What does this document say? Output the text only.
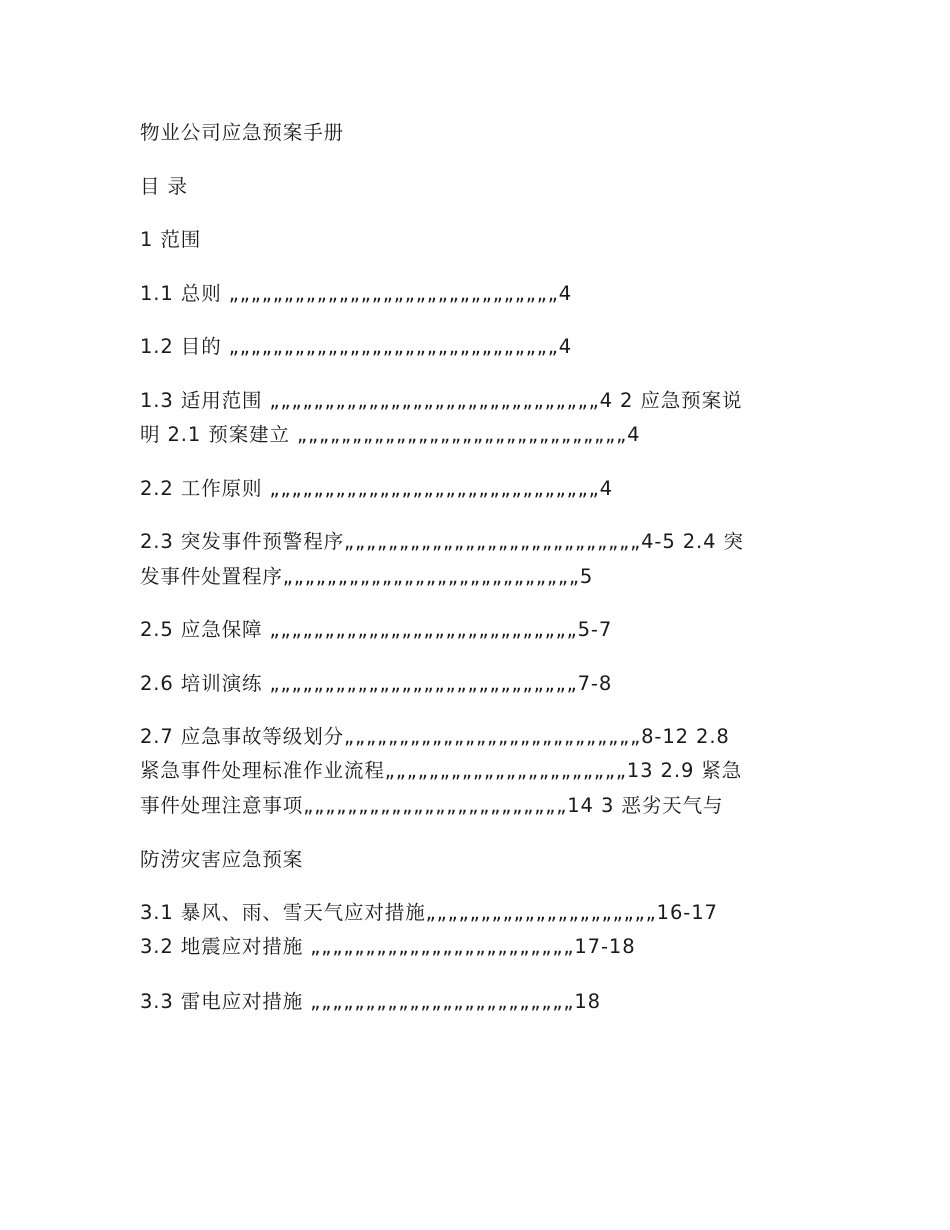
物业公司应急预案手册
目 录
1 范围
1.1 总则 „„„„„„„„„„„„„„„„„„„„„„„„„„„„„„4
1.2 目的 „„„„„„„„„„„„„„„„„„„„„„„„„„„„„„4
1.3 适用范围 „„„„„„„„„„„„„„„„„„„„„„„„„„„„„„4 2 应急预案说
明 2.1 预案建立 „„„„„„„„„„„„„„„„„„„„„„„„„„„„„„4
2.2 工作原则 „„„„„„„„„„„„„„„„„„„„„„„„„„„„„„4
2.3 突发事件预警程序„„„„„„„„„„„„„„„„„„„„„„„„„„„4-5 2.4 突
发事件处置程序„„„„„„„„„„„„„„„„„„„„„„„„„„„5
2.5 应急保障 „„„„„„„„„„„„„„„„„„„„„„„„„„„„5-7
2.6 培训演练 „„„„„„„„„„„„„„„„„„„„„„„„„„„„7-8
2.7 应急事故等级划分„„„„„„„„„„„„„„„„„„„„„„„„„„„8-12 2.8
紧急事件处理标准作业流程„„„„„„„„„„„„„„„„„„„„„„13 2.9 紧急
事件处理注意事项„„„„„„„„„„„„„„„„„„„„„„„„14 3 恶劣天气与
防涝灾害应急预案
3.1 暴风、雨、雪天气应对措施„„„„„„„„„„„„„„„„„„„„„16-17
3.2 地震应对措施 „„„„„„„„„„„„„„„„„„„„„„„„17-18
3.3 雷电应对措施 „„„„„„„„„„„„„„„„„„„„„„„„18
